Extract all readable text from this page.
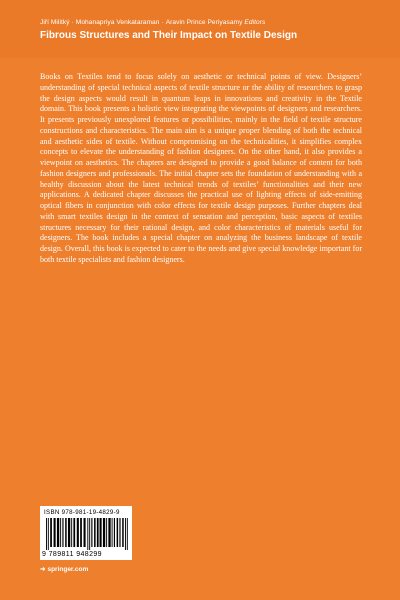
Jiří Militký · Mohanapriya Venkataraman · Aravin Prince Periyasamy Editors
Fibrous Structures and Their Impact on Textile Design
Books on Textiles tend to focus solely on aesthetic or technical points of view. Designers’ understanding of special technical aspects of textile structure or the ability of researchers to grasp the design aspects would result in quantum leaps in innovations and creativity in the Textile domain. This book presents a holistic view integrating the viewpoints of designers and researchers. It presents previously unexplored features or possibilities, mainly in the field of textile structure constructions and characteristics. The main aim is a unique proper blending of both the technical and aesthetic sides of textile. Without compromising on the technicalities, it simplifies complex concepts to elevate the understanding of fashion designers. On the other hand, it also provides a viewpoint on aesthetics. The chapters are designed to provide a good balance of content for both fashion designers and professionals. The initial chapter sets the foundation of understanding with a healthy discussion about the latest technical trends of textiles’ functionalities and their new applications. A dedicated chapter discusses the practical use of lighting effects of side-emitting optical fibers in conjunction with color effects for textile design purposes. Further chapters deal with smart textiles design in the context of sensation and perception, basic aspects of textiles structures necessary for their rational design, and color characteristics of materials useful for designers. The book includes a special chapter on analyzing the business landscape of textile design. Overall, this book is expected to cater to the needs and give special knowledge important for both textile specialists and fashion designers.
ISBN 978-981-19-4829-9
9 789811 948299
➜ springer.com
